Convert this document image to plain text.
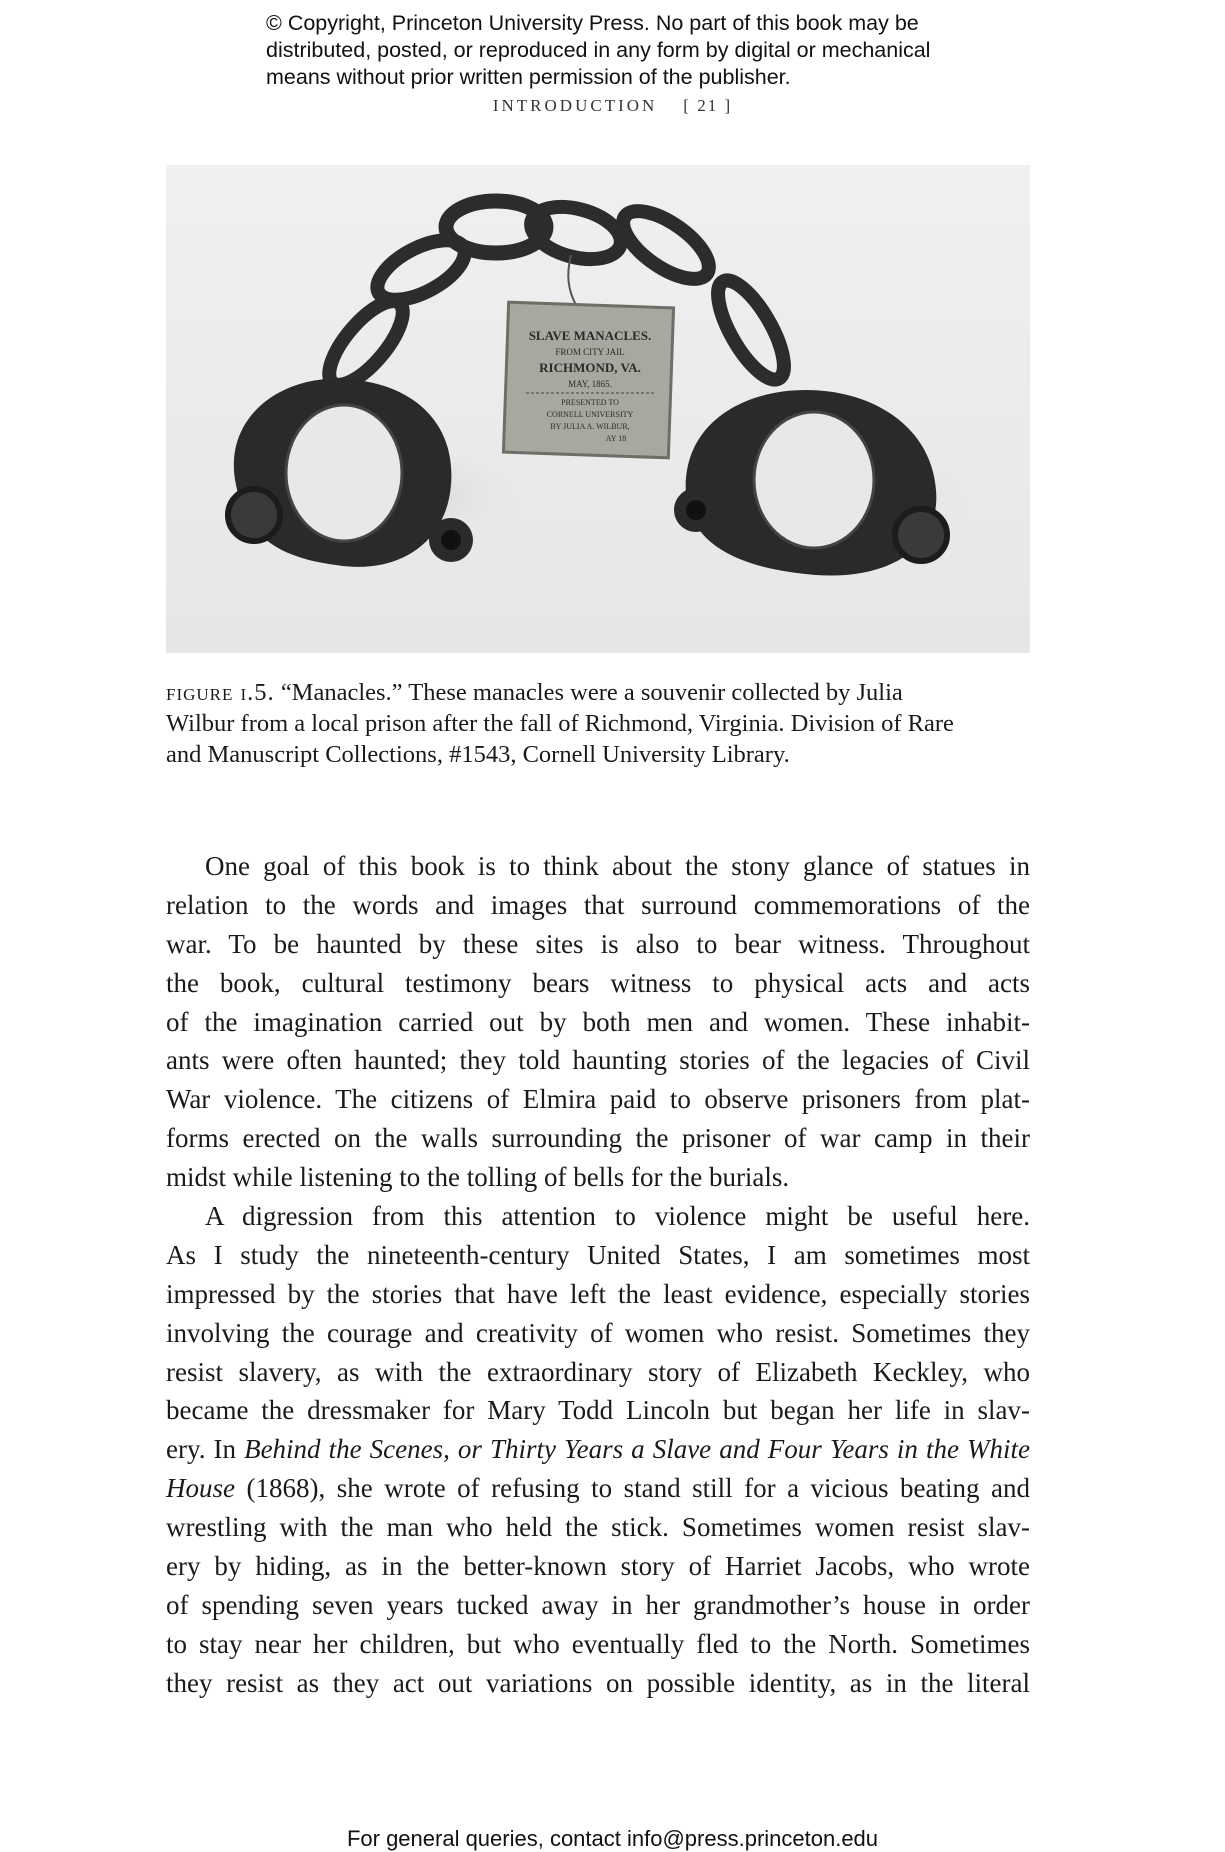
© Copyright, Princeton University Press. No part of this book may be
distributed, posted, or reproduced in any form by digital or mechanical
means without prior written permission of the publisher.
INTRODUCTION [ 21 ]
SLAVE MANACLES.
FROM CITY JAIL
RICHMOND, VA.
MAY, 1865.
PRESENTED TO
CORNELL UNIVERSITY
BY JULIA A. WILBUR,
AY 18
figure i.5. “Manacles.” These manacles were a souvenir collected by Julia
Wilbur from a local prison after the fall of Richmond, Virginia. Division of Rare
and Manuscript Collections, #1543, Cornell University Library.
One goal of this book is to think about the stony glance of statues in
relation to the words and images that surround commemorations of the
war. To be haunted by these sites is also to bear witness. Throughout
the book, cultural testimony bears witness to physical acts and acts
of the imagination carried out by both men and women. These inhabit-
ants were often haunted; they told haunting stories of the legacies of Civil
War violence. The citizens of Elmira paid to observe prisoners from plat-
forms erected on the walls surrounding the prisoner of war camp in their
midst while listening to the tolling of bells for the burials.
A digression from this attention to violence might be useful here.
As I study the nineteenth-century United States, I am sometimes most
impressed by the stories that have left the least evidence, especially stories
involving the courage and creativity of women who resist. Sometimes they
resist slavery, as with the extraordinary story of Elizabeth Keckley, who
became the dressmaker for Mary Todd Lincoln but began her life in slav-
ery. In Behind the Scenes, or Thirty Years a Slave and Four Years in the White
House (1868), she wrote of refusing to stand still for a vicious beating and
wrestling with the man who held the stick. Sometimes women resist slav-
ery by hiding, as in the better-known story of Harriet Jacobs, who wrote
of spending seven years tucked away in her grandmother’s house in order
to stay near her children, but who eventually fled to the North. Sometimes
they resist as they act out variations on possible identity, as in the literal
For general queries, contact info@press.princeton.edu
